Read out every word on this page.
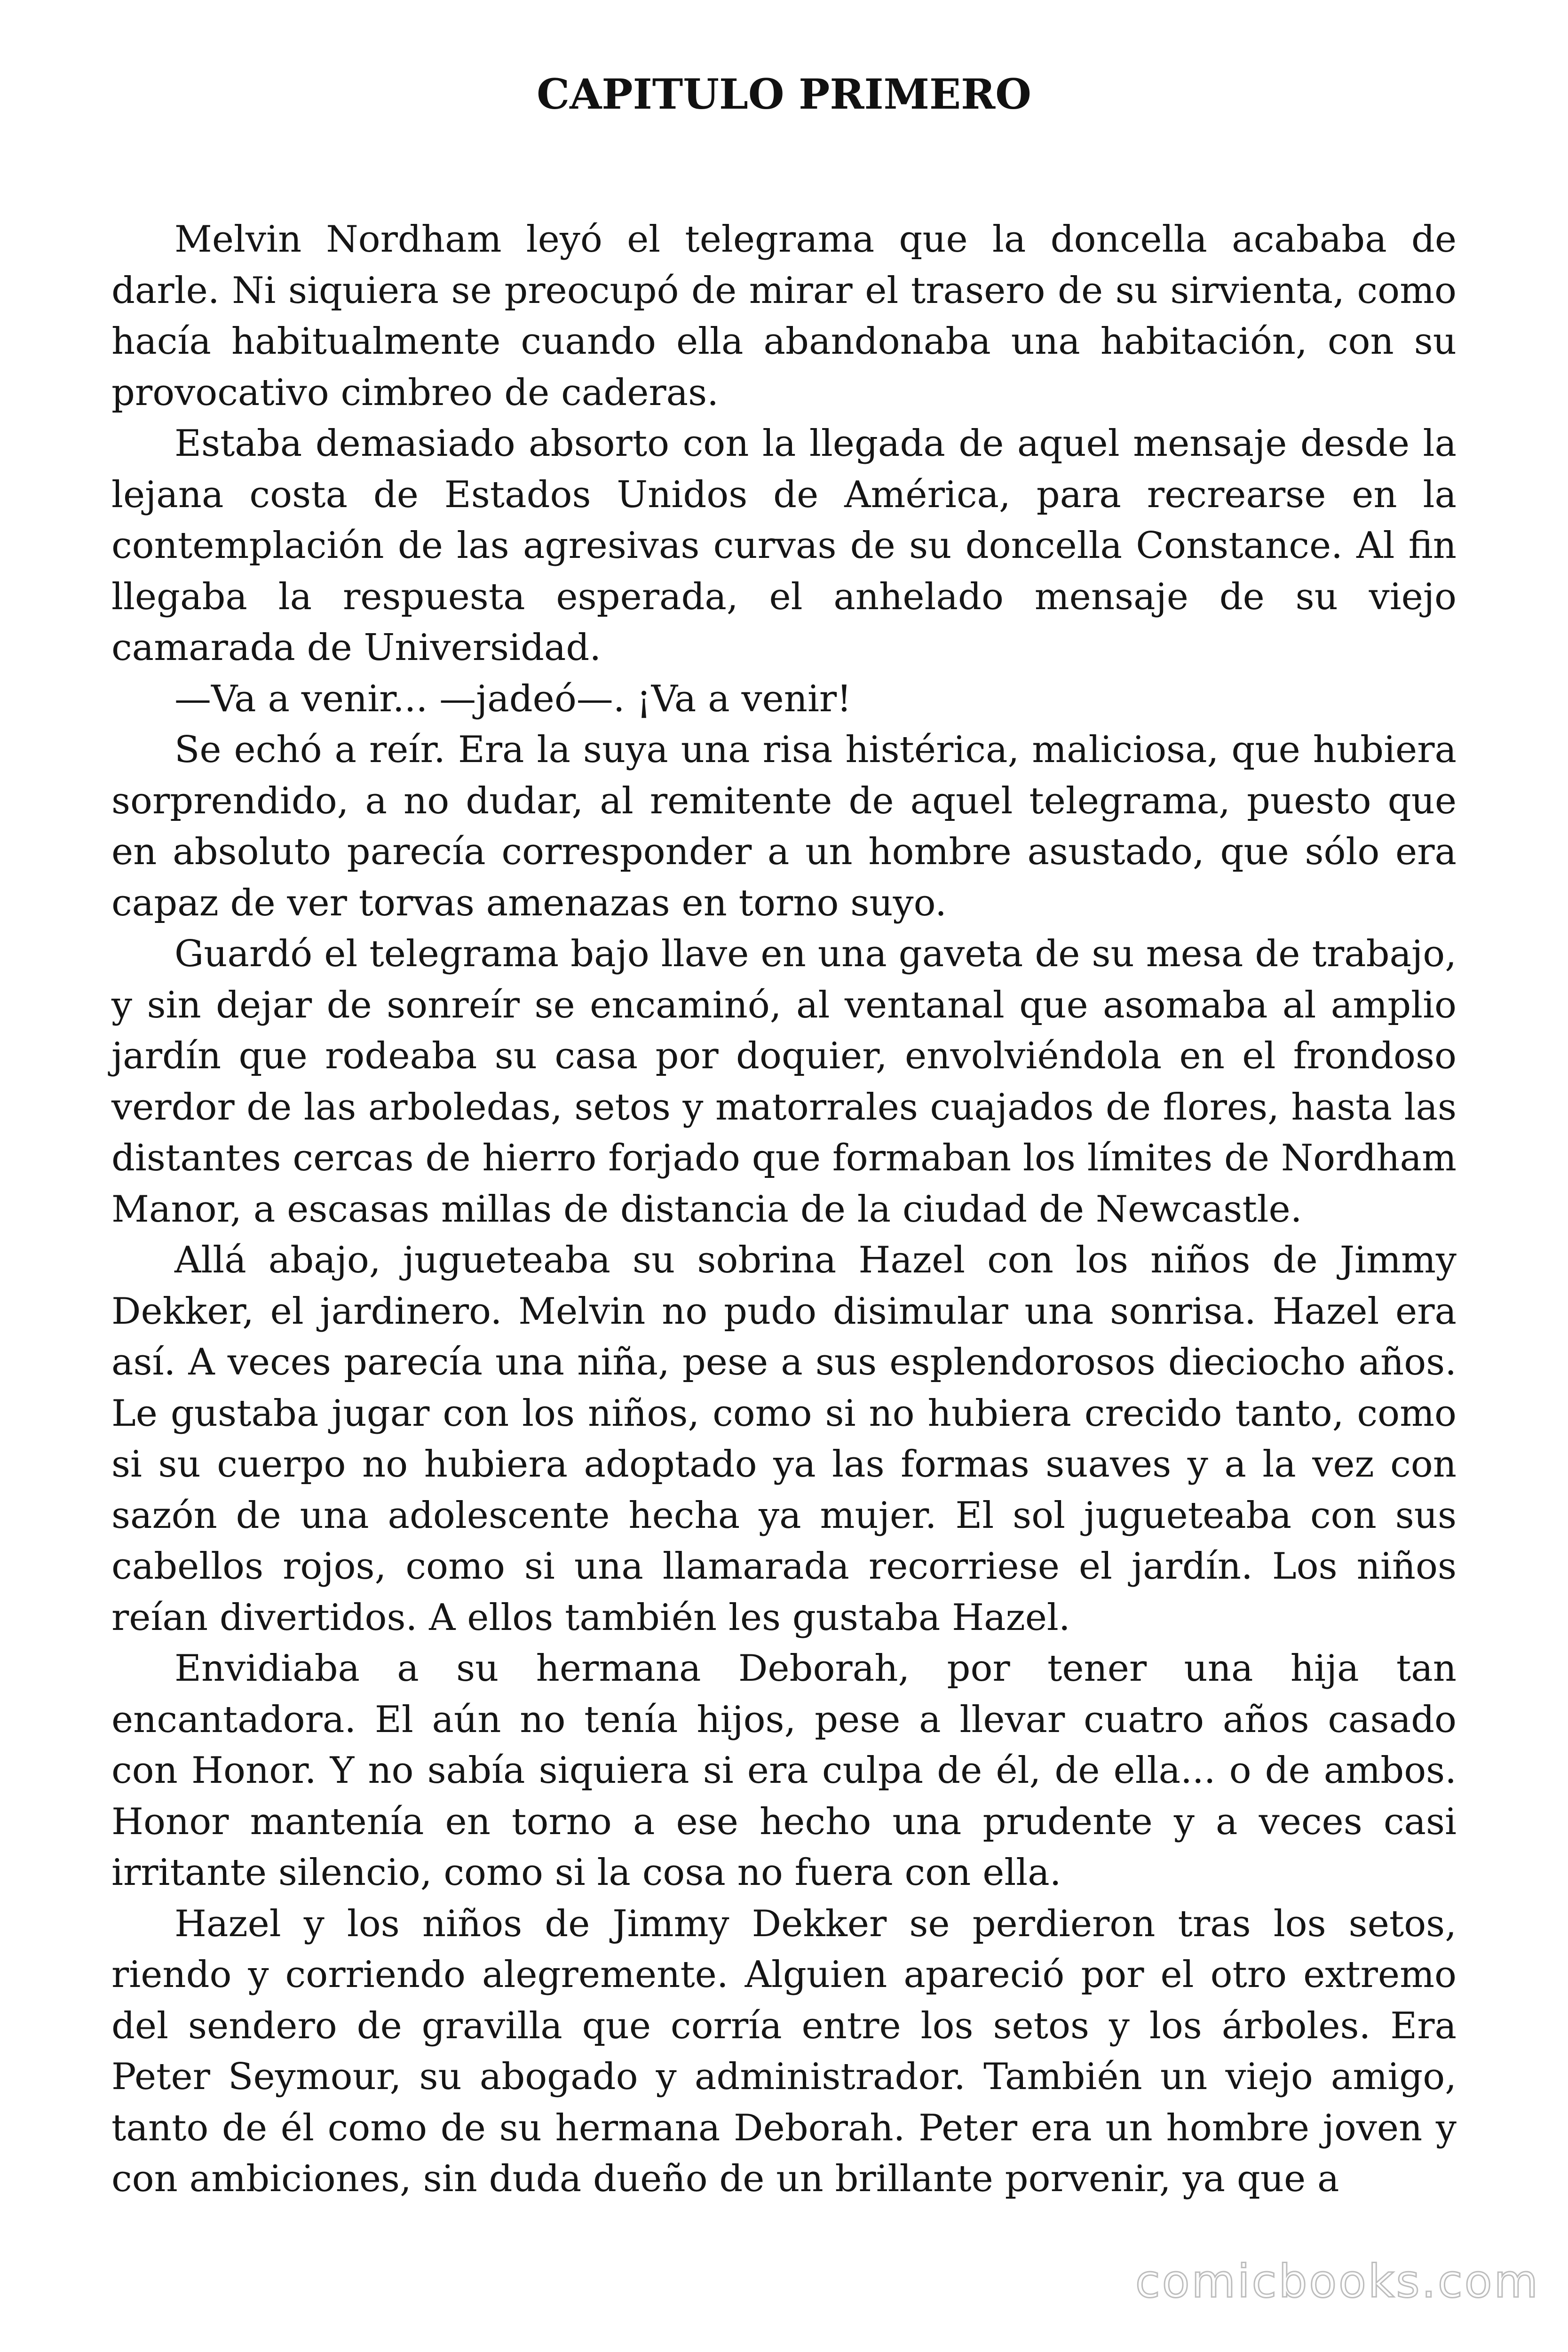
CAPITULO PRIMERO

Melvin Nordham leyó el telegrama que la doncella acababa de darle. Ni siquiera se preocupó de mirar el trasero de su sirvienta, como hacía habitualmente cuando ella abandonaba una habitación, con su provocativo cimbreo de caderas.

Estaba demasiado absorto con la llegada de aquel mensaje desde la lejana costa de Estados Unidos de América, para recrearse en la contemplación de las agresivas curvas de su doncella Constance. Al fin llegaba la respuesta esperada, el anhelado mensaje de su viejo camarada de Universidad.

—Va a venir... —jadeó—. ¡Va a venir!

Se echó a reír. Era la suya una risa histérica, maliciosa, que hubiera sorprendido, a no dudar, al remitente de aquel telegrama, puesto que en absoluto parecía corresponder a un hombre asustado, que sólo era capaz de ver torvas amenazas en torno suyo.

Guardó el telegrama bajo llave en una gaveta de su mesa de trabajo, y sin dejar de sonreír se encaminó, al ventanal que asomaba al amplio jardín que rodeaba su casa por doquier, envolviéndola en el frondoso verdor de las arboledas, setos y matorrales cuajados de flores, hasta las distantes cercas de hierro forjado que formaban los límites de Nordham Manor, a escasas millas de distancia de la ciudad de Newcastle.

Allá abajo, jugueteaba su sobrina Hazel con los niños de Jimmy Dekker, el jardinero. Melvin no pudo disimular una sonrisa. Hazel era así. A veces parecía una niña, pese a sus esplendorosos dieciocho años. Le gustaba jugar con los niños, como si no hubiera crecido tanto, como si su cuerpo no hubiera adoptado ya las formas suaves y a la vez con sazón de una adolescente hecha ya mujer. El sol jugueteaba con sus cabellos rojos, como si una llamarada recorriese el jardín. Los niños reían divertidos. A ellos también les gustaba Hazel.

Envidiaba a su hermana Deborah, por tener una hija tan encantadora. El aún no tenía hijos, pese a llevar cuatro años casado con Honor. Y no sabía siquiera si era culpa de él, de ella... o de ambos. Honor mantenía en torno a ese hecho una prudente y a veces casi irritante silencio, como si la cosa no fuera con ella.

Hazel y los niños de Jimmy Dekker se perdieron tras los setos, riendo y corriendo alegremente. Alguien apareció por el otro extremo del sendero de gravilla que corría entre los setos y los árboles. Era Peter Seymour, su abogado y administrador. También un viejo amigo, tanto de él como de su hermana Deborah. Peter era un hombre joven y con ambiciones, sin duda dueño de un brillante porvenir, ya que a

comicbooks.com
